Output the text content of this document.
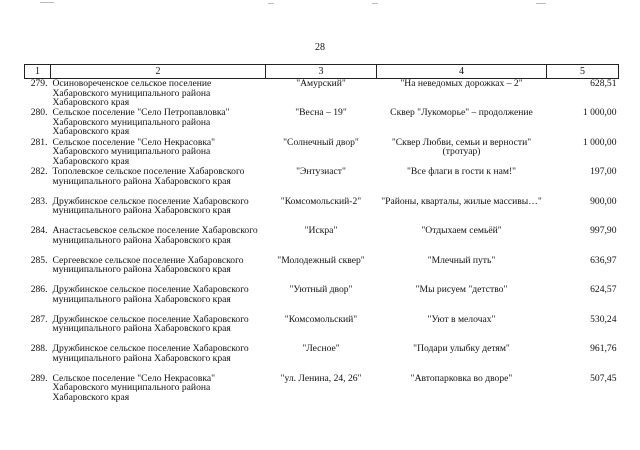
28
1	2	3	4	5
279.	Осиновореченское сельское поселение Хабаровского муниципального района Хабаровского края	"Амурский"	"На неведомых дорожках – 2"	628,51
280.	Сельское поселение "Село Петропавловка" Хабаровского муниципального района Хабаровского края	"Весна – 19"	Сквер "Лукоморье" – продолжение	1 000,00
281.	Сельское поселение "Село Некрасовка" Хабаровского муниципального района Хабаровского края	"Солнечный двор"	"Сквер Любви, семьи и верности" (тротуар)	1 000,00
282.	Тополевское сельское поселение Хабаровского муниципального района Хабаровского края	"Энтузиаст"	"Все флаги в гости к нам!"	197,00
283.	Дружбинское сельское поселение Хабаровского муниципального района Хабаровского края	"Комсомольский-2"	"Районы, кварталы, жилые массивы…"	900,00
284.	Анастасьевское сельское поселение Хабаровского муниципального района Хабаровского края	"Искра"	"Отдыхаем семьёй"	997,90
285.	Сергеевское сельское поселение Хабаровского муниципального района Хабаровского края	"Молодежный сквер"	"Млечный путь"	636,97
286.	Дружбинское сельское поселение Хабаровского муниципального района Хабаровского края	"Уютный двор"	"Мы рисуем "детство"	624,57
287.	Дружбинское сельское поселение Хабаровского муниципального района Хабаровского края	"Комсомольский"	"Уют в мелочах"	530,24
288.	Дружбинское сельское поселение Хабаровского муниципального района Хабаровского края	"Лесное"	"Подари улыбку детям"	961,76
289.	Сельское поселение "Село Некрасовка" Хабаровского муниципального района Хабаровского края	"ул. Ленина, 24, 26"	"Автопарковка во дворе"	507,45
